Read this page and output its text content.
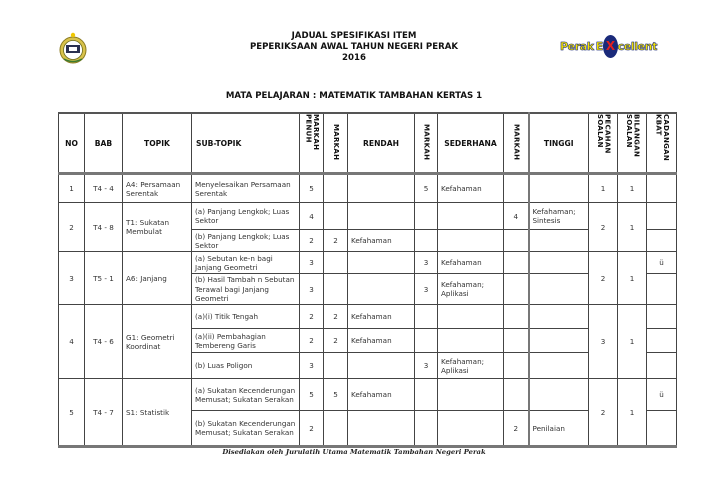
JADUAL SPESIFIKASI ITEM
PEPERIKSAAN AWAL TAHUN NEGERI PERAK
2016
Perak E X cellent
MATA PELAJARAN : MATEMATIK TAMBAHAN KERTAS 1
NO	BAB	TOPIK	SUB-TOPIK	MARKAH PENUH	MARKAH	RENDAH	MARKAH	SEDERHANA	MARKAH	TINGGI	PECAHAN SOALAN	BILANGAN SOALAN	CADANGAN KBAT
1	T4 - 4	A4: Persamaan Serentak	Menyelesaikan Persamaan Serentak	5			5	Kefahaman			1	1	
2	T4 - 8	T1: Sukatan Membulat	(a) Panjang Lengkok; Luas Sektor	4					4	Kefahaman; Sintesis	2	1	
			(b) Panjang Lengkok; Luas Sektor	2	2	Kefahaman							
3	T5 - 1	A6: Janjang	(a) Sebutan ke-n bagi Janjang Geometri	3			3	Kefahaman			2	1	ü
			(b) Hasil Tambah n Sebutan Terawal bagi Janjang Geometri	3			3	Kefahaman; Aplikasi					
4	T4 - 6	G1: Geometri Koordinat	(a)(i) Titik Tengah	2	2	Kefahaman					3	1	
			(a)(ii) Pembahagian Tembereng Garis	2	2	Kefahaman							
			(b) Luas Poligon	3			3	Kefahaman; Aplikasi					
5	T4 - 7	S1: Statistik	(a) Sukatan Kecenderungan Memusat; Sukatan Serakan	5	5	Kefahaman					2	1	ü
			(b) Sukatan Kecenderungan Memusat; Sukatan Serakan	2					2	Penilaian			
Disediakan oleh Jurulatih Utama Matematik Tambahan Negeri Perak
